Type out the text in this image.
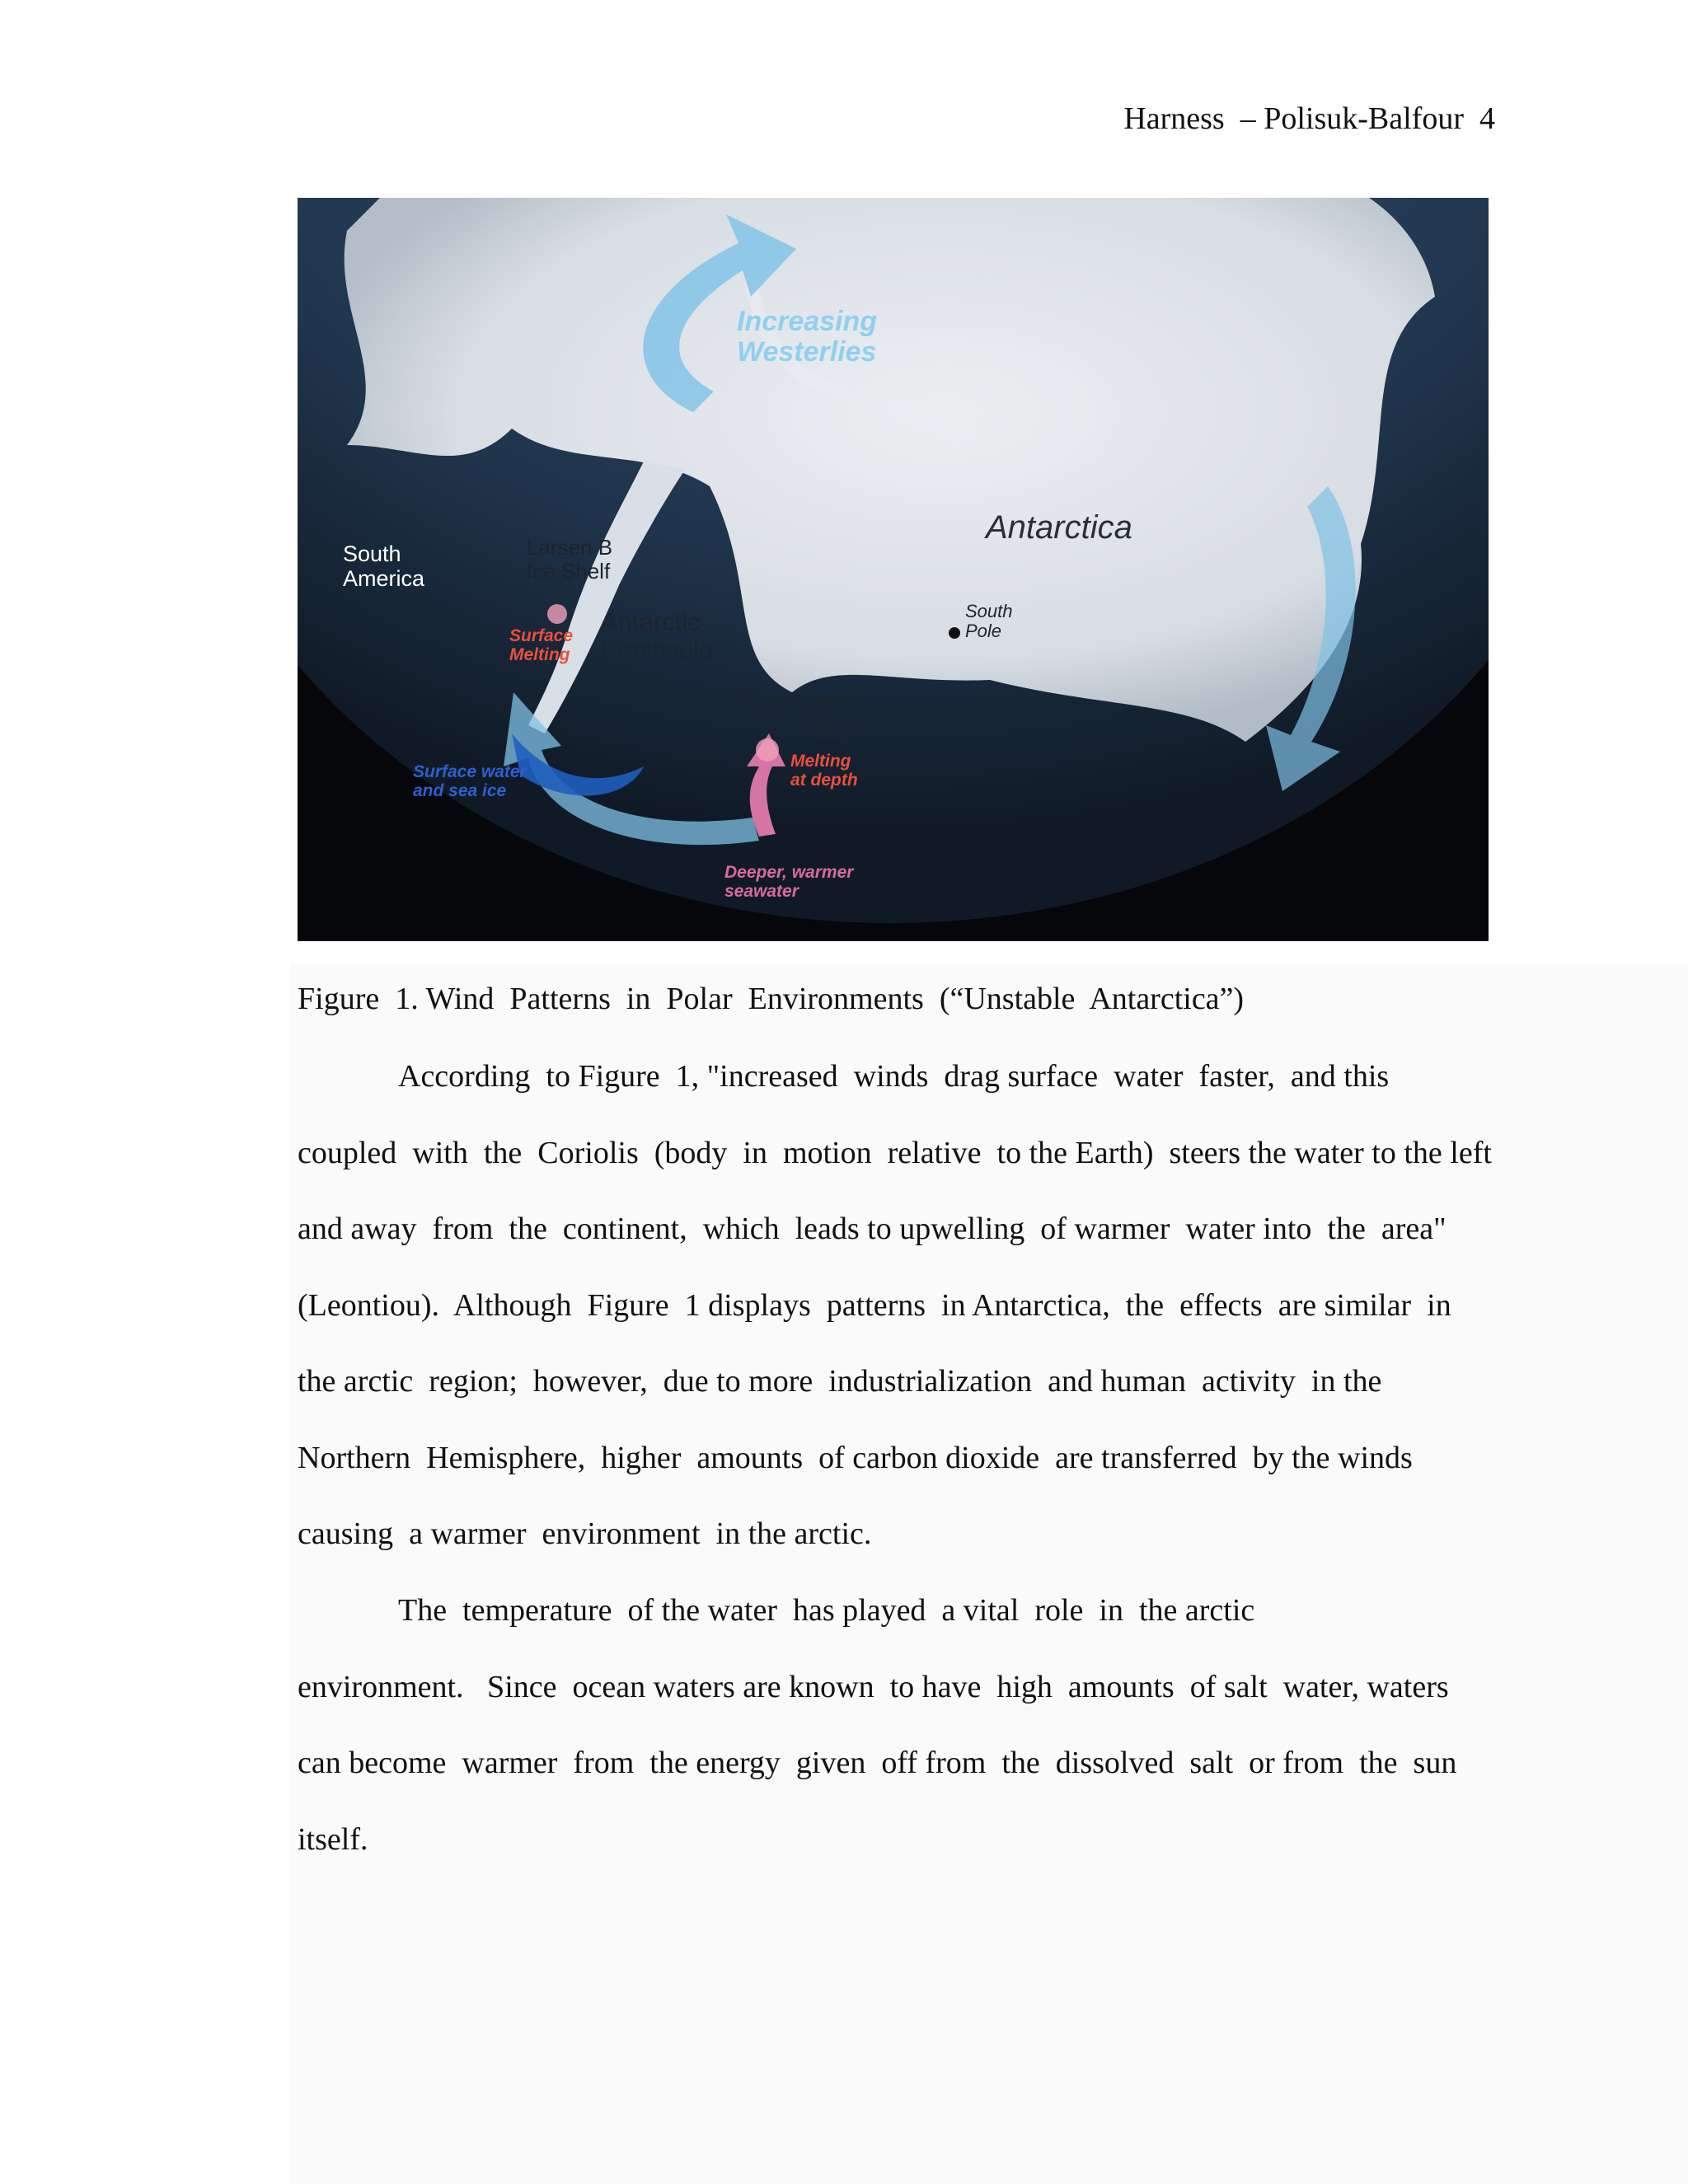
Harness  – Polisuk-Balfour  4
Increasing
Westerlies
Antarctica
South
America
Larsen B
Ice Shelf
Antarctic
Peninsula
Surface
Melting
South
Pole
Pine Island
Bay
Melting
at depth
Surface water
and sea ice
Deeper, warmer
seawater
Figure  1. Wind  Patterns  in  Polar  Environments  (“Unstable  Antarctica”)
According  to Figure  1, "increased  winds  drag surface  water  faster,  and this
coupled  with  the  Coriolis  (body  in  motion  relative  to the Earth)  steers the water to the left
and away  from  the  continent,  which  leads to upwelling  of warmer  water into  the  area"
(Leontiou).  Although  Figure  1 displays  patterns  in Antarctica,  the  effects  are similar  in
the arctic  region;  however,  due to more  industrialization  and human  activity  in the
Northern  Hemisphere,  higher  amounts  of carbon dioxide  are transferred  by the winds
causing  a warmer  environment  in the arctic.
The  temperature  of the water  has played  a vital  role  in  the arctic
environment.   Since  ocean waters are known  to have  high  amounts  of salt  water, waters
can become  warmer  from  the energy  given  off from  the  dissolved  salt  or from  the  sun
itself.
